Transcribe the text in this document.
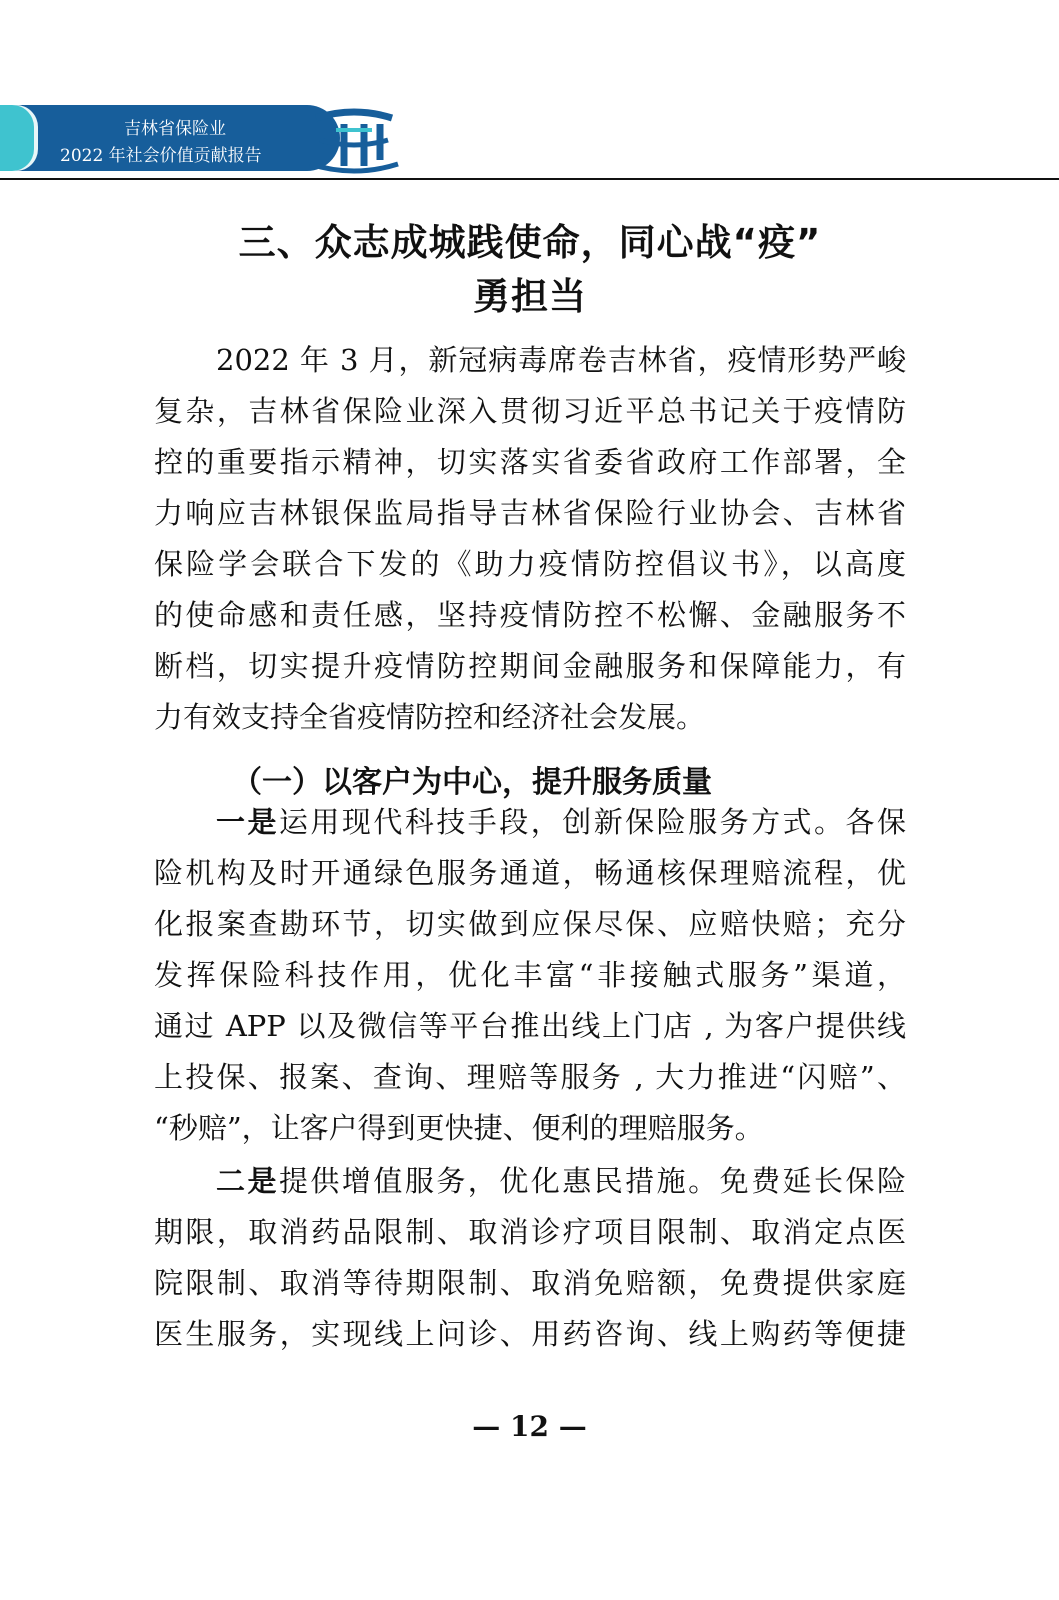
吉林省保险业
2022 年社会价值贡献报告
三、众志成城践使命，同心战“疫”
勇担当
2022 年 3 月，新冠病毒席卷吉林省，疫情形势严峻
复杂，吉林省保险业深入贯彻习近平总书记关于疫情防
控的重要指示精神，切实落实省委省政府工作部署，全
力响应吉林银保监局指导吉林省保险行业协会、吉林省
保险学会联合下发的《助力疫情防控倡议书》，以高度
的使命感和责任感，坚持疫情防控不松懈、金融服务不
断档，切实提升疫情防控期间金融服务和保障能力，有
力有效支持全省疫情防控和经济社会发展。
（一）以客户为中心，提升服务质量
一是运用现代科技手段，创新保险服务方式。各保
险机构及时开通绿色服务通道，畅通核保理赔流程，优
化报案查勘环节，切实做到应保尽保、应赔快赔；充分
发挥保险科技作用，优化丰富“非接触式服务”渠道，
通过 APP 以及微信等平台推出线上门店 , 为客户提供线
上投保、报案、查询、理赔等服务 , 大力推进“闪赔”、
“秒赔”，让客户得到更快捷、便利的理赔服务。
二是提供增值服务，优化惠民措施。免费延长保险
期限，取消药品限制、取消诊疗项目限制、取消定点医
院限制、取消等待期限制、取消免赔额，免费提供家庭
医生服务，实现线上问诊、用药咨询、线上购药等便捷
— 12 —
